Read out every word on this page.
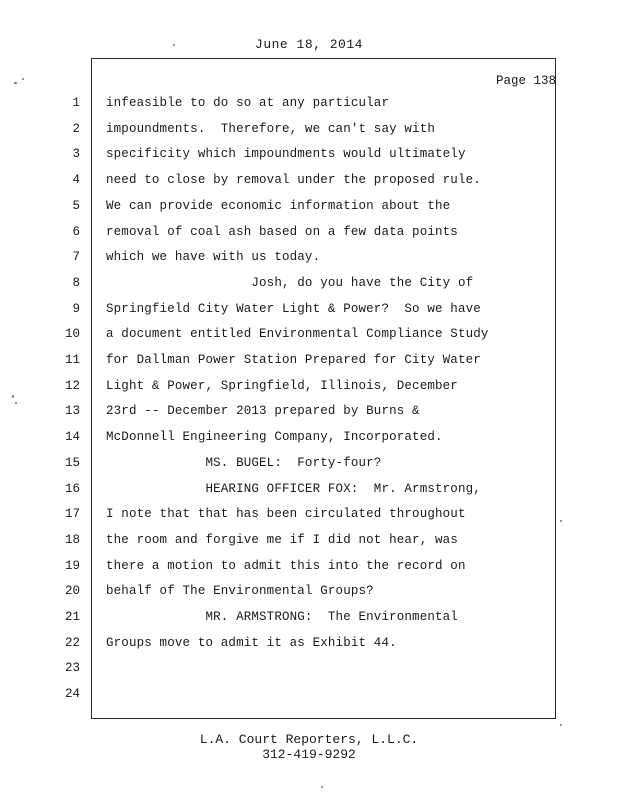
June 18, 2014
Page 138
1 infeasible to do so at any particular
2 impoundments.  Therefore, we can't say with
3 specificity which impoundments would ultimately
4 need to close by removal under the proposed rule.
5 We can provide economic information about the
6 removal of coal ash based on a few data points
7 which we have with us today.
8 Josh, do you have the City of
9 Springfield City Water Light & Power?  So we have
10 a document entitled Environmental Compliance Study
11 for Dallman Power Station Prepared for City Water
12 Light & Power, Springfield, Illinois, December
13 23rd -- December 2013 prepared by Burns &
14 McDonnell Engineering Company, Incorporated.
15 MS. BUGEL:  Forty-four?
16 HEARING OFFICER FOX:  Mr. Armstrong,
17 I note that that has been circulated throughout
18 the room and forgive me if I did not hear, was
19 there a motion to admit this into the record on
20 behalf of The Environmental Groups?
21 MR. ARMSTRONG:  The Environmental
22 Groups move to admit it as Exhibit 44.
23
24
L.A. Court Reporters, L.L.C.
312-419-9292
